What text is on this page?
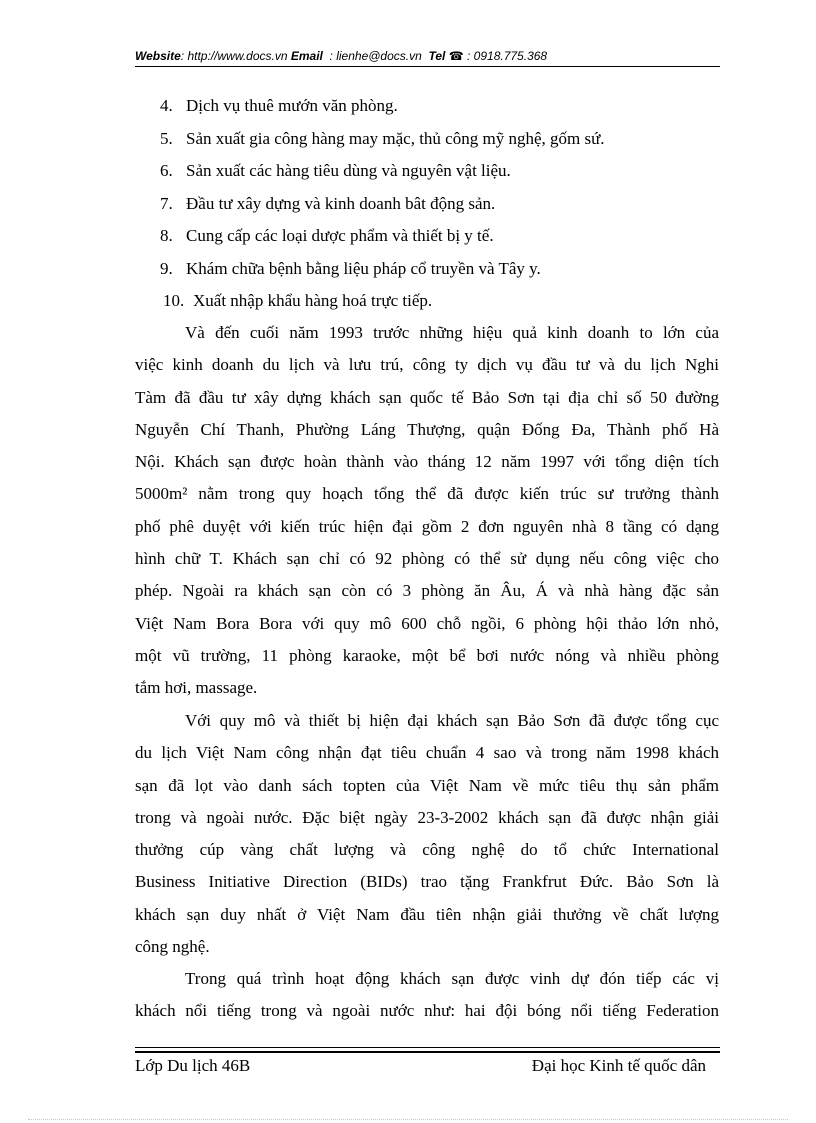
Website: http://www.docs.vn Email  : lienhe@docs.vn Tel ☎ : 0918.775.368
4. Dịch vụ thuê mướn văn phòng.
5. Sản xuất gia công hàng may mặc, thủ công mỹ nghệ, gốm sứ.
6. Sản xuất các hàng tiêu dùng và nguyên vật liệu.
7. Đầu tư xây dựng và kinh doanh bât động sản.
8. Cung cấp các loại dược phẩm và thiết bị y tế.
9. Khám chữa bệnh bằng liệu pháp cổ truyền và Tây y.
10. Xuất nhập khẩu hàng hoá trực tiếp.
Và đến cuối năm 1993 trước những hiệu quả kinh doanh to lớn của
việc kinh doanh du lịch và lưu trú, công ty dịch vụ đầu tư và du lịch Nghi
Tàm đã đầu tư xây dựng khách sạn quốc tế Bảo Sơn tại địa chỉ số 50 đường
Nguyễn Chí Thanh, Phường Láng Thượng, quận Đống Đa, Thành phố Hà
Nội. Khách sạn được hoàn thành vào tháng 12 năm 1997 với tổng diện tích
5000m² nằm trong quy hoạch tổng thể đã được kiến trúc sư trưởng thành
phố phê duyệt với kiến trúc hiện đại gồm 2 đơn nguyên nhà 8 tầng có dạng
hình chữ T. Khách sạn chỉ có 92 phòng có thể sử dụng nếu công việc cho
phép. Ngoài ra khách sạn còn có 3 phòng ăn Âu, Á và nhà hàng đặc sản
Việt Nam Bora Bora với quy mô 600 chỗ ngồi, 6 phòng hội thảo lớn nhỏ,
một vũ trường, 11 phòng karaoke, một bể bơi nước nóng và nhiều phòng
tắm hơi, massage.
Với quy mô và thiết bị hiện đại khách sạn Bảo Sơn đã được tổng cục
du lịch Việt Nam công nhận đạt tiêu chuẩn 4 sao và trong năm 1998 khách
sạn đã lọt vào danh sách topten của Việt Nam về mức tiêu thụ sản phẩm
trong và ngoài nước. Đặc biệt ngày 23-3-2002 khách sạn đã được nhận giải
thưởng cúp vàng chất lượng và công nghệ do tổ chức International
Business Initiative Direction (BIDs) trao tặng Frankfrut Đức. Bảo Sơn là
khách sạn duy nhất ở Việt Nam đầu tiên nhận giải thưởng về chất lượng
công nghệ.
Trong quá trình hoạt động khách sạn được vinh dự đón tiếp các vị
khách nổi tiếng trong và ngoài nước như: hai đội bóng nổi tiếng Federation
Lớp Du lịch 46B	Đại học Kinh tế quốc dân
